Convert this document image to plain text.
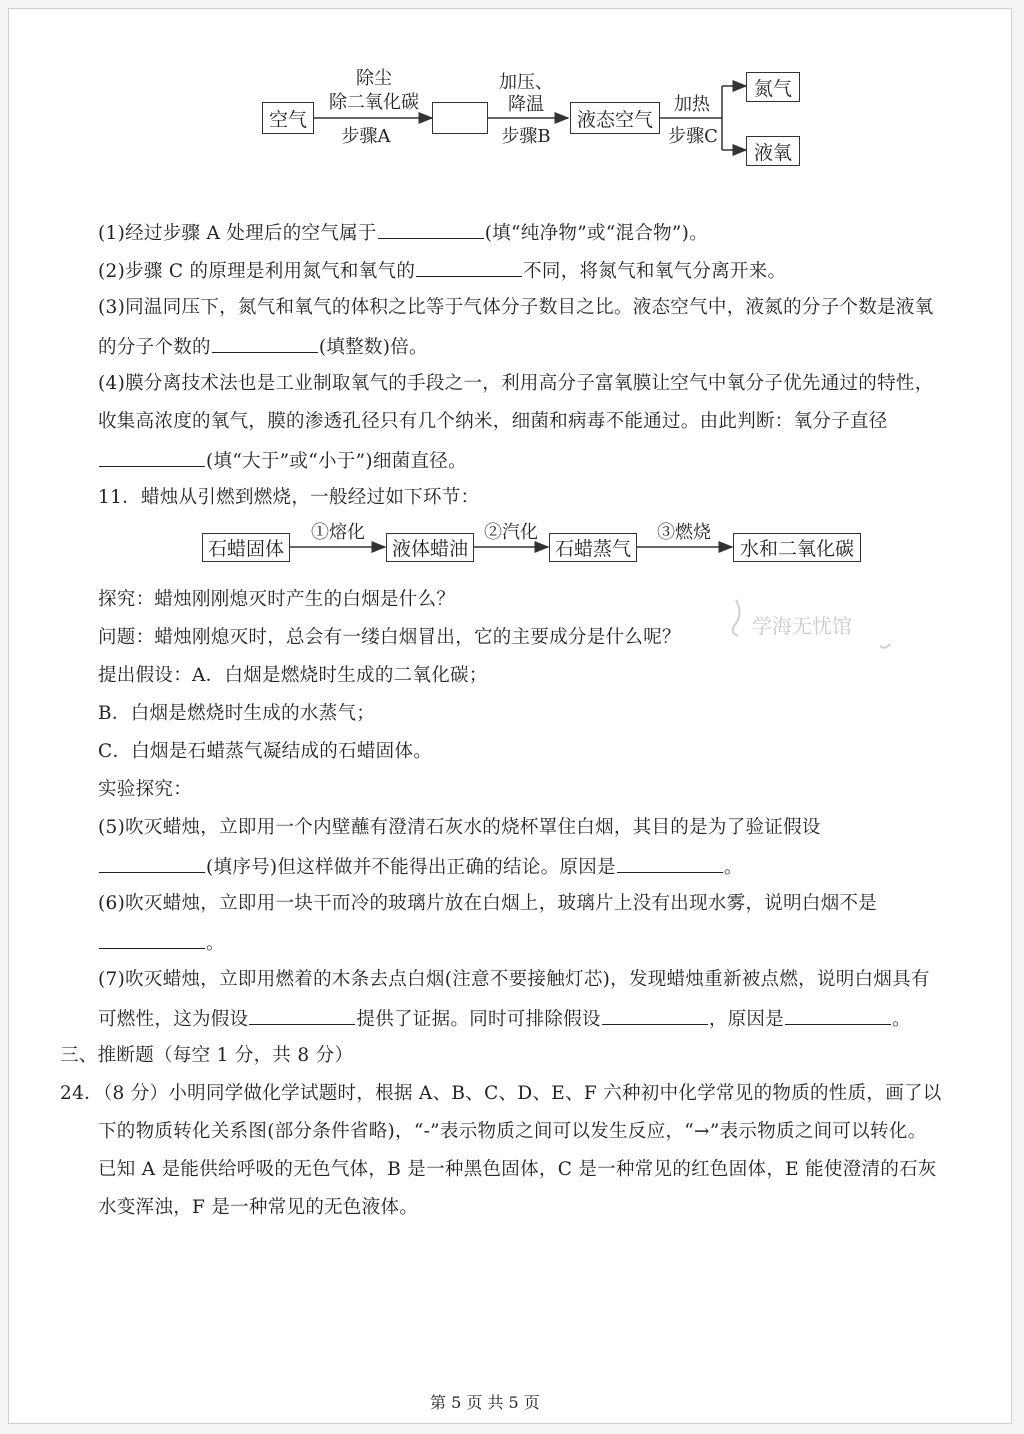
空气
除尘
除二氧化碳
步骤A
加压、
降温
步骤B
液态空气
加热
步骤C
氮气
液氧
(1)经过步骤 A 处理后的空气属于	(填“纯净物”或“混合物”)。
(2)步骤 C 的原理是利用氮气和氧气的	不同，将氮气和氧气分离开来。
(3)同温同压下，氮气和氧气的体积之比等于气体分子数目之比。液态空气中，液氮的分子个数是液氧
的分子个数的	(填整数)倍。
(4)膜分离技术法也是工业制取氧气的手段之一，利用高分子富氧膜让空气中氧分子优先通过的特性，
收集高浓度的氧气，膜的渗透孔径只有几个纳米，细菌和病毒不能通过。由此判断：氧分子直径
(填“大于”或“小于”)细菌直径。
11．蜡烛从引燃到燃烧，一般经过如下环节：
石蜡固体
①熔化
液体蜡油
②汽化
石蜡蒸气
③燃烧
水和二氧化碳
探究：蜡烛刚刚熄灭时产生的白烟是什么？
问题：蜡烛刚熄灭时，总会有一缕白烟冒出，它的主要成分是什么呢？	学海无忧馆
提出假设：A．白烟是燃烧时生成的二氧化碳；
B．白烟是燃烧时生成的水蒸气；
C．白烟是石蜡蒸气凝结成的石蜡固体。
实验探究：
(5)吹灭蜡烛，立即用一个内壁蘸有澄清石灰水的烧杯罩住白烟，其目的是为了验证假设
(填序号)但这样做并不能得出正确的结论。原因是	。
(6)吹灭蜡烛，立即用一块干而冷的玻璃片放在白烟上，玻璃片上没有出现水雾，说明白烟不是
。
(7)吹灭蜡烛，立即用燃着的木条去点白烟(注意不要接触灯芯)，发现蜡烛重新被点燃，说明白烟具有
可燃性，这为假设	提供了证据。同时可排除假设	，原因是	。
三、推断题（每空 1 分，共 8 分）
24．（8 分）小明同学做化学试题时，根据 A、B、C、D、E、F 六种初中化学常见的物质的性质，画了以
下的物质转化关系图(部分条件省略)，“-”表示物质之间可以发生反应，“→”表示物质之间可以转化。
已知 A 是能供给呼吸的无色气体，B 是一种黑色固体，C 是一种常见的红色固体，E 能使澄清的石灰
水变浑浊，F 是一种常见的无色液体。
第 5 页 共 5 页
